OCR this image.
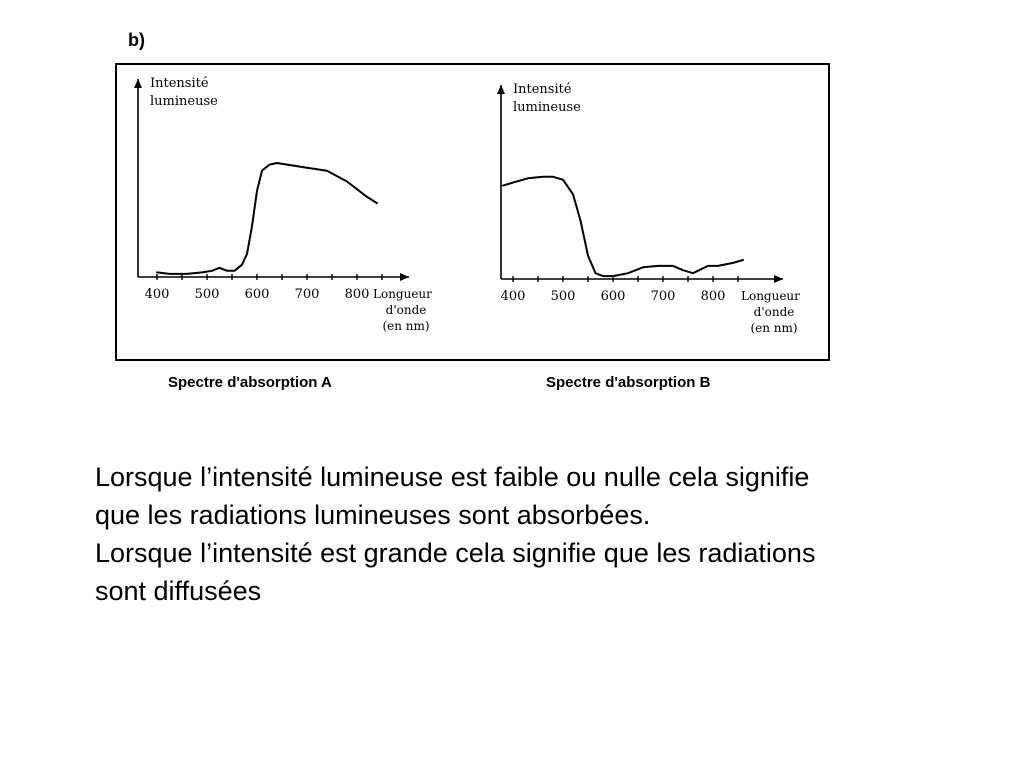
b)
400 500 600 700 800
Intensité
lumineuse
Longueur
d'onde
(en nm)
400 500 600 700 800
Intensité
lumineuse
Longueur
d'onde
(en nm)
Spectre d'absorption A	Spectre d'absorption B

Lorsque l’intensité lumineuse est faible ou nulle cela signifie que les radiations lumineuses sont absorbées.

Lorsque l’intensité est grande cela signifie que les radiations sont diffusées
